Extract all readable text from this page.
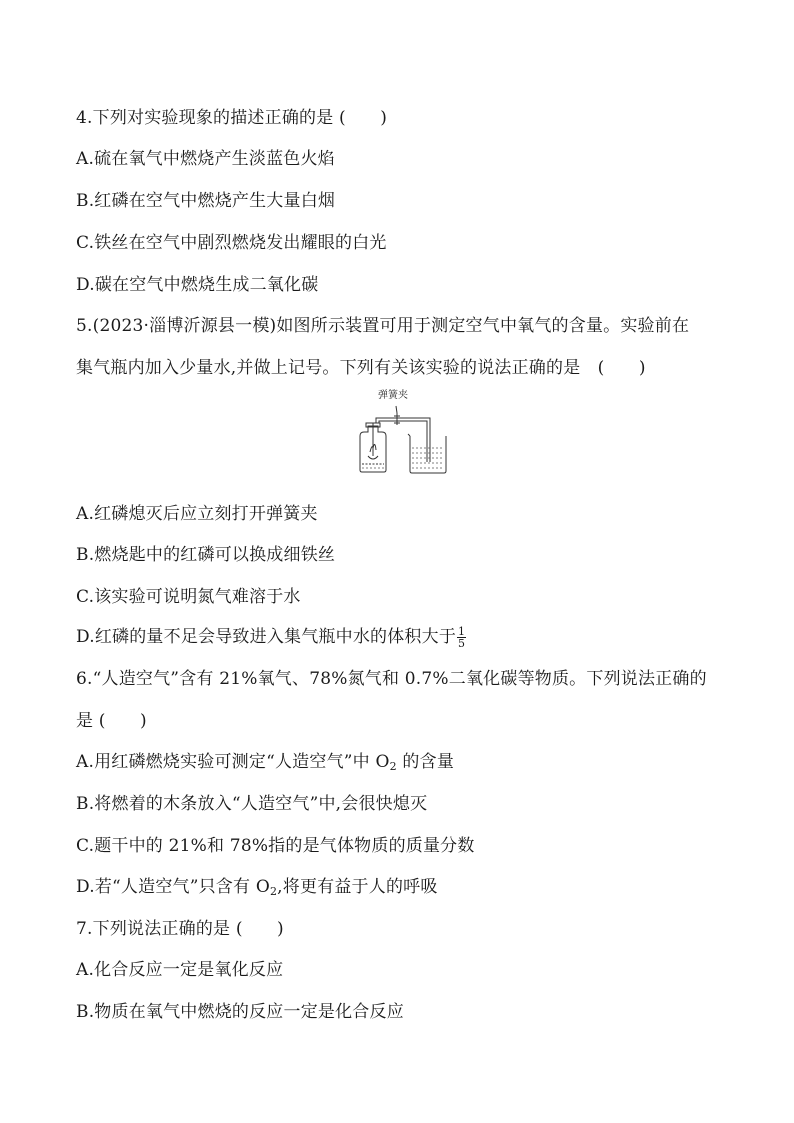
4.下列对实验现象的描述正确的是 (　　)
A.硫在氧气中燃烧产生淡蓝色火焰
B.红磷在空气中燃烧产生大量白烟
C.铁丝在空气中剧烈燃烧发出耀眼的白光
D.碳在空气中燃烧生成二氧化碳
5.(2023·淄博沂源县一模)如图所示装置可用于测定空气中氧气的含量。实验前在
集气瓶内加入少量水,并做上记号。下列有关该实验的说法正确的是　(　　)
弹簧夹
A.红磷熄灭后应立刻打开弹簧夹
B.燃烧匙中的红磷可以换成细铁丝
C.该实验可说明氮气难溶于水
D.红磷的量不足会导致进入集气瓶中水的体积大于 $\frac{1}{5}$
6.“人造空气”含有 21%氧气、78%氮气和 0.7%二氧化碳等物质。下列说法正确的
是 (　　)
A.用红磷燃烧实验可测定“人造空气”中 $O_2$ 的含量
B.将燃着的木条放入“人造空气”中,会很快熄灭
C.题干中的 21%和 78%指的是气体物质的质量分数
D.若“人造空气”只含有 $O_2$,将更有益于人的呼吸
7.下列说法正确的是 (　　)
A.化合反应一定是氧化反应
B.物质在氧气中燃烧的反应一定是化合反应
